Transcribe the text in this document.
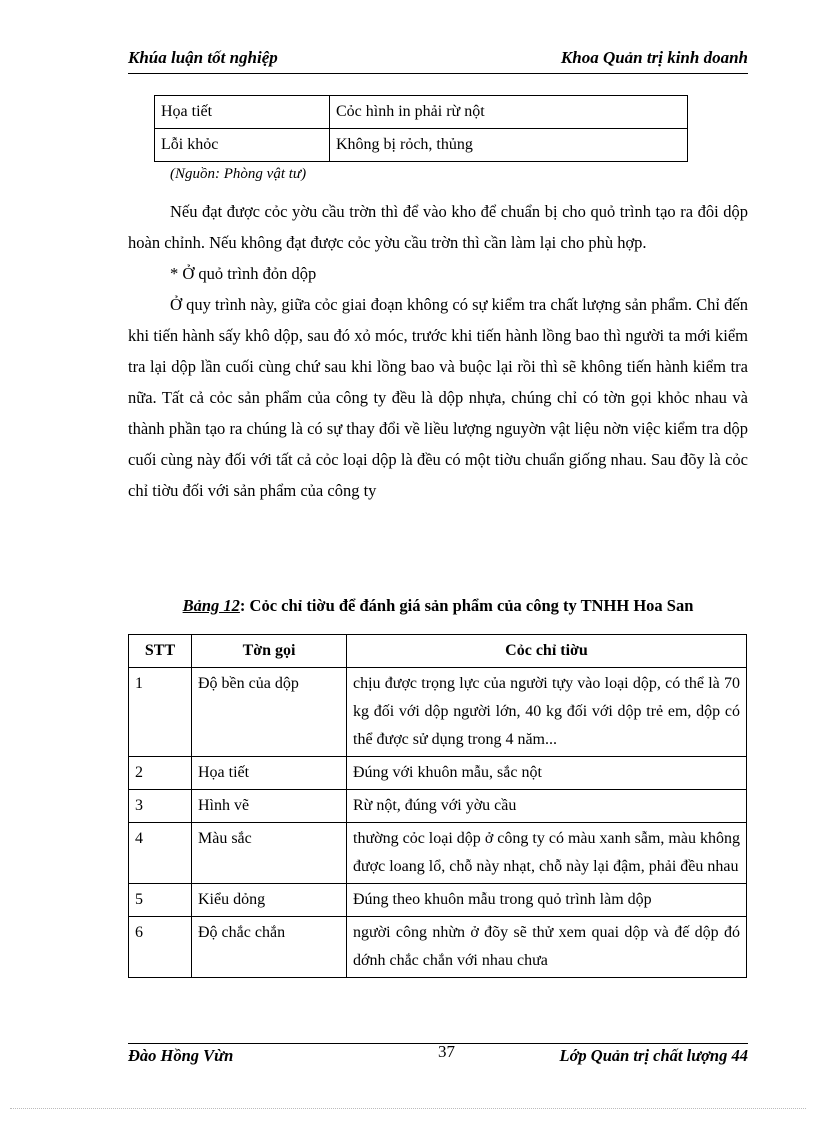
Khúa luận tốt nghiệp	Khoa Quản trị kinh doanh
Họa tiết	Cỏc hình in phải rừ nột
Lỗi khỏc	Không bị rỏch, thủng
(Nguồn: Phòng vật tư)

Nếu đạt được cỏc yờu cầu trờn thì để vào kho để chuẩn bị cho quỏ trình tạo ra đôi dộp hoàn chỉnh. Nếu không đạt được cỏc yờu cầu trờn thì cần làm lại cho phù hợp.

* Ở quỏ trình đỏn dộp

Ở quy trình này, giữa cỏc giai đoạn không có sự kiểm tra chất lượng sản phẩm. Chỉ đến khi tiến hành sấy khô dộp, sau đó xỏ móc, trước khi tiến hành lồng bao thì người ta mới kiểm tra lại dộp lần cuối cùng chứ sau khi lồng bao và buộc lại rồi thì sẽ không tiến hành kiểm tra nữa. Tất cả cỏc sản phẩm của công ty đều là dộp nhựa, chúng chỉ có tờn gọi khỏc nhau và thành phần tạo ra chúng là có sự thay đổi về liều lượng nguyờn vật liệu nờn việc kiểm tra dộp cuối cùng này đối với tất cả cỏc loại dộp là đều có một tiờu chuẩn giống nhau. Sau đõy là cỏc chỉ tiờu đối với sản phẩm của công ty

Bảng 12: Cỏc chỉ tiờu để đánh giá sản phẩm của công ty TNHH Hoa San
STT	Tờn gọi	Cỏc chỉ tiờu
1	Độ bền của dộp	chịu được trọng lực của người tựy vào loại dộp, có thể là 70 kg đối với dộp người lớn, 40 kg đối với dộp trẻ em, dộp có thể được sử dụng trong 4 năm...
2	Họa tiết	Đúng với khuôn mẫu, sắc nột
3	Hình vẽ	Rừ nột, đúng với yờu cầu
4	Màu sắc	thường cỏc loại dộp ở công ty có màu xanh sẫm, màu không được loang lổ, chỗ này nhạt, chỗ này lại đậm, phải đều nhau
5	Kiểu dỏng	Đúng theo khuôn mẫu trong quỏ trình làm dộp
6	Độ chắc chắn	người công nhừn ở đõy sẽ thử xem quai dộp và đế dộp đó dớnh chắc chắn với nhau chưa
Đào Hồng Vừn	37	Lớp Quản trị chất lượng 44
